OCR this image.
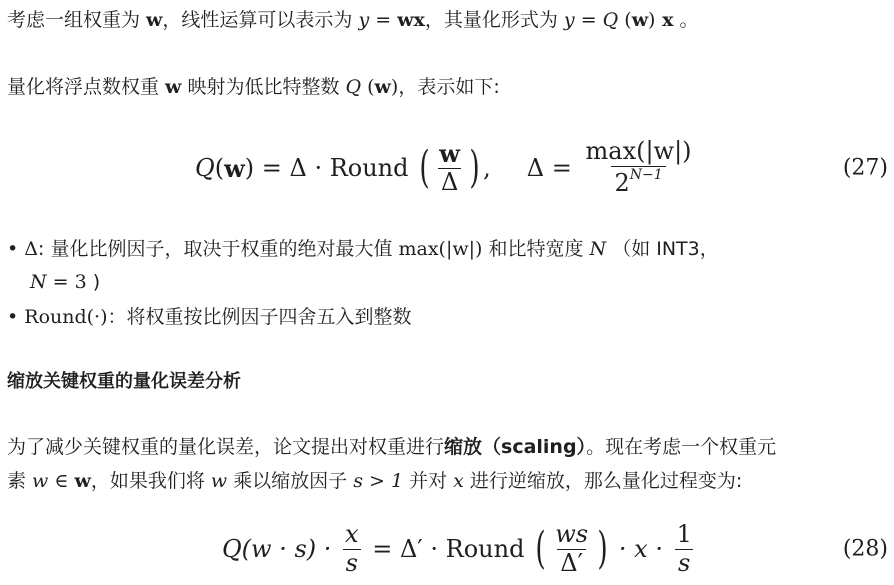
考虑一组权重为 w，线性运算可以表示为 y = wx，其量化形式为 y = Q (w) x 。
量化将浮点数权重 w 映射为低比特整数 Q (w)，表示如下:
Q ( w ) = Δ · Round ( $\frac{w}{\Delta}$ ) , $\Delta = \frac{\max(|w|)}{2^{N-1}}$	(27)
• Δ: 量化比例因子，取决于权重的绝对最大值 max(|w|) 和比特宽度 N （如 INT3，
N = 3 )
• Round(·)：将权重按比例因子四舍五入到整数
缩放关键权重的量化误差分析
为了减少关键权重的量化误差，论文提出对权重进行缩放（scaling）。现在考虑一个权重元
素 w ∈ w，如果我们将 w 乘以缩放因子 s > 1 并对 x 进行逆缩放，那么量化过程变为:
$Q(w \cdot s) \cdot \frac{x}{s} = \Delta'$ · Round ( $\frac{ws}{\Delta'}$ ) · $x \cdot \frac{1}{s}$	(28)
